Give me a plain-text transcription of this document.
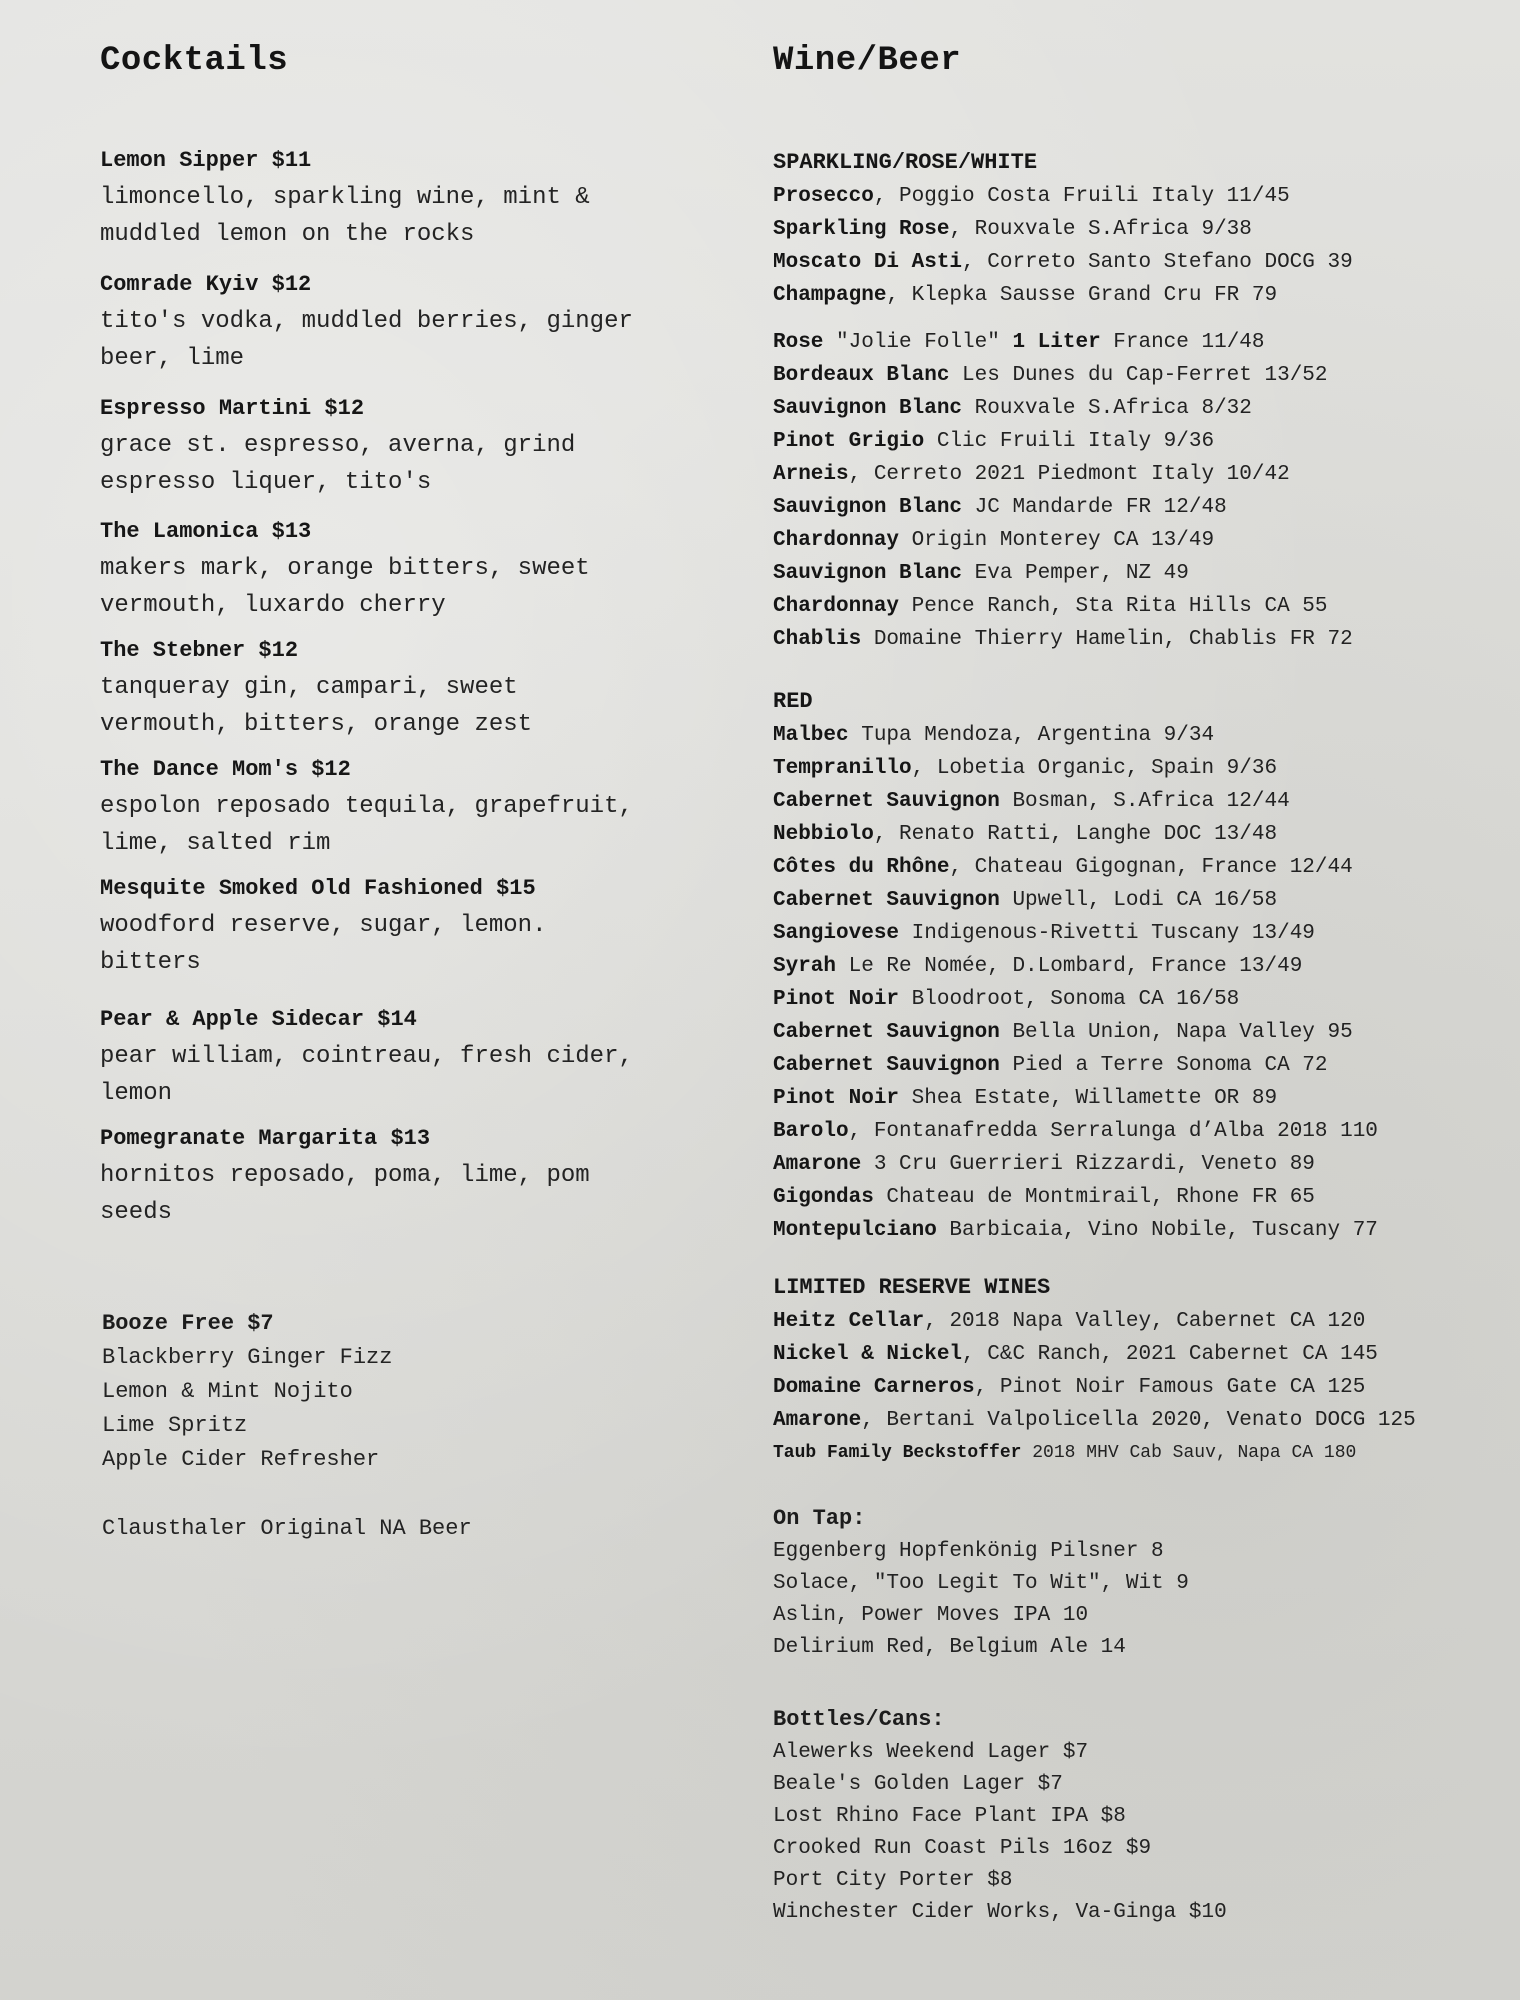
Cocktails
Lemon Sipper $11
limoncello, sparkling wine, mint &
muddled lemon on the rocks
Comrade Kyiv $12
tito's vodka, muddled berries, ginger
beer, lime
Espresso Martini $12
grace st. espresso, averna, grind
espresso liquer, tito's
The Lamonica $13
makers mark, orange bitters, sweet
vermouth, luxardo cherry
The Stebner $12
tanqueray gin, campari, sweet
vermouth, bitters, orange zest
The Dance Mom's $12
espolon reposado tequila, grapefruit,
lime, salted rim
Mesquite Smoked Old Fashioned $15
woodford reserve, sugar, lemon.
bitters
Pear & Apple Sidecar $14
pear william, cointreau, fresh cider,
lemon
Pomegranate Margarita $13
hornitos reposado, poma, lime, pom
seeds
Booze Free $7
Blackberry Ginger Fizz
Lemon & Mint Nojito
Lime Spritz
Apple Cider Refresher
Clausthaler Original NA Beer
Wine/Beer
SPARKLING/ROSE/WHITE
Prosecco, Poggio Costa Fruili Italy 11/45
Sparkling Rose, Rouxvale S.Africa 9/38
Moscato Di Asti, Correto Santo Stefano DOCG 39
Champagne, Klepka Sausse Grand Cru FR 79
Rose "Jolie Folle" 1 Liter France 11/48
Bordeaux Blanc Les Dunes du Cap-Ferret 13/52
Sauvignon Blanc Rouxvale S.Africa 8/32
Pinot Grigio Clic Fruili Italy 9/36
Arneis, Cerreto 2021 Piedmont Italy 10/42
Sauvignon Blanc JC Mandarde FR 12/48
Chardonnay Origin Monterey CA 13/49
Sauvignon Blanc Eva Pemper, NZ 49
Chardonnay Pence Ranch, Sta Rita Hills CA 55
Chablis Domaine Thierry Hamelin, Chablis FR 72
RED
Malbec Tupa Mendoza, Argentina 9/34
Tempranillo, Lobetia Organic, Spain 9/36
Cabernet Sauvignon Bosman, S.Africa 12/44
Nebbiolo, Renato Ratti, Langhe DOC 13/48
Côtes du Rhône, Chateau Gigognan, France 12/44
Cabernet Sauvignon Upwell, Lodi CA 16/58
Sangiovese Indigenous-Rivetti Tuscany 13/49
Syrah Le Re Nomée, D.Lombard, France 13/49
Pinot Noir Bloodroot, Sonoma CA 16/58
Cabernet Sauvignon Bella Union, Napa Valley 95
Cabernet Sauvignon Pied a Terre Sonoma CA 72
Pinot Noir Shea Estate, Willamette OR 89
Barolo, Fontanafredda Serralunga d’Alba 2018 110
Amarone 3 Cru Guerrieri Rizzardi, Veneto 89
Gigondas Chateau de Montmirail, Rhone FR 65
Montepulciano Barbicaia, Vino Nobile, Tuscany 77
LIMITED RESERVE WINES
Heitz Cellar, 2018 Napa Valley, Cabernet CA 120
Nickel & Nickel, C&C Ranch, 2021 Cabernet CA 145
Domaine Carneros, Pinot Noir Famous Gate CA 125
Amarone, Bertani Valpolicella 2020, Venato DOCG 125
Taub Family Beckstoffer 2018 MHV Cab Sauv, Napa CA 180
On Tap:
Eggenberg Hopfenkönig Pilsner 8
Solace, "Too Legit To Wit", Wit 9
Aslin, Power Moves IPA 10
Delirium Red, Belgium Ale 14
Bottles/Cans:
Alewerks Weekend Lager $7
Beale's Golden Lager $7
Lost Rhino Face Plant IPA $8
Crooked Run Coast Pils 16oz $9
Port City Porter $8
Winchester Cider Works, Va-Ginga $10
